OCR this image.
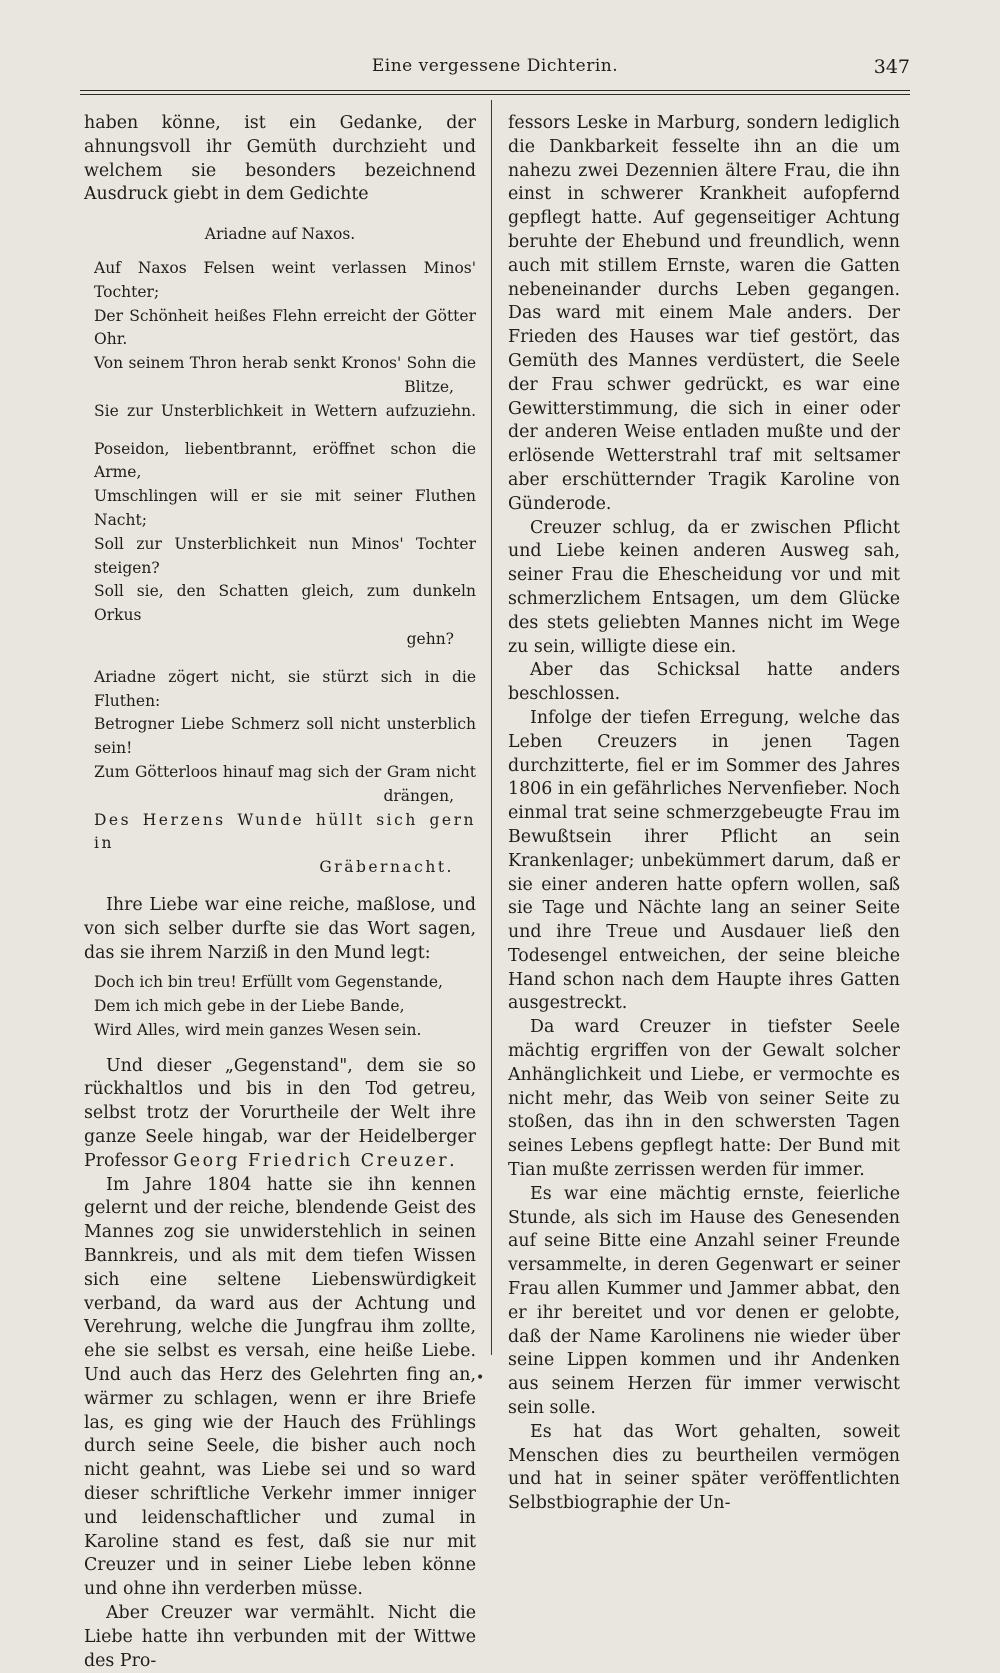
Eine vergessene Dichterin.	347

haben könne, ist ein Gedanke, der ahnungsvoll ihr Gemüth durchzieht und welchem sie besonders bezeichnend Ausdruck giebt in dem Gedichte

Ariadne auf Naxos.
Auf Naxos Felsen weint verlassen Minos' Tochter;
Der Schönheit heißes Flehn erreicht der Götter Ohr.
Von seinem Thron herab senkt Kronos' Sohn die
Blitze,
Sie zur Unsterblichkeit in Wettern aufzuziehn.
Poseidon, liebentbrannt, eröffnet schon die Arme,
Umschlingen will er sie mit seiner Fluthen Nacht;
Soll zur Unsterblichkeit nun Minos' Tochter steigen?
Soll sie, den Schatten gleich, zum dunkeln Orkus
gehn?
Ariadne zögert nicht, sie stürzt sich in die Fluthen:
Betrogner Liebe Schmerz soll nicht unsterblich sein!
Zum Götterloos hinauf mag sich der Gram nicht
drängen,
Des Herzens Wunde hüllt sich gern in
Gräbernacht.

Ihre Liebe war eine reiche, maßlose, und von sich selber durfte sie das Wort sagen, das sie ihrem Narziß in den Mund legt:

Doch ich bin treu! Erfüllt vom Gegenstande,
Dem ich mich gebe in der Liebe Bande,
Wird Alles, wird mein ganzes Wesen sein.

Und dieser „Gegenstand", dem sie so rückhaltlos und bis in den Tod getreu, selbst trotz der Vorurtheile der Welt ihre ganze Seele hingab, war der Heidelberger Professor Georg Friedrich Creuzer.

Im Jahre 1804 hatte sie ihn kennen gelernt und der reiche, blendende Geist des Mannes zog sie unwiderstehlich in seinen Bannkreis, und als mit dem tiefen Wissen sich eine seltene Liebenswürdigkeit verband, da ward aus der Achtung und Verehrung, welche die Jungfrau ihm zollte, ehe sie selbst es versah, eine heiße Liebe. Und auch das Herz des Gelehrten fing an, wärmer zu schlagen, wenn er ihre Briefe las, es ging wie der Hauch des Frühlings durch seine Seele, die bisher auch noch nicht geahnt, was Liebe sei und so ward dieser schriftliche Verkehr immer inniger und leidenschaftlicher und zumal in Karoline stand es fest, daß sie nur mit Creuzer und in seiner Liebe leben könne und ohne ihn verderben müsse.

Aber Creuzer war vermählt. Nicht die Liebe hatte ihn verbunden mit der Wittwe des Pro-

fessors Leske in Marburg, sondern lediglich die Dankbarkeit fesselte ihn an die um nahezu zwei Dezennien ältere Frau, die ihn einst in schwerer Krankheit aufopfernd gepflegt hatte. Auf gegenseitiger Achtung beruhte der Ehebund und freundlich, wenn auch mit stillem Ernste, waren die Gatten nebeneinander durchs Leben gegangen. Das ward mit einem Male anders. Der Frieden des Hauses war tief gestört, das Gemüth des Mannes verdüstert, die Seele der Frau schwer gedrückt, es war eine Gewitterstimmung, die sich in einer oder der anderen Weise entladen mußte und der erlösende Wetterstrahl traf mit seltsamer aber erschütternder Tragik Karoline von Günderode.

Creuzer schlug, da er zwischen Pflicht und Liebe keinen anderen Ausweg sah, seiner Frau die Ehescheidung vor und mit schmerzlichem Entsagen, um dem Glücke des stets geliebten Mannes nicht im Wege zu sein, willigte diese ein.

Aber das Schicksal hatte anders beschlossen.

Infolge der tiefen Erregung, welche das Leben Creuzers in jenen Tagen durchzitterte, fiel er im Sommer des Jahres 1806 in ein gefährliches Nervenfieber. Noch einmal trat seine schmerzgebeugte Frau im Bewußtsein ihrer Pflicht an sein Krankenlager; unbekümmert darum, daß er sie einer anderen hatte opfern wollen, saß sie Tage und Nächte lang an seiner Seite und ihre Treue und Ausdauer ließ den Todesengel entweichen, der seine bleiche Hand schon nach dem Haupte ihres Gatten ausgestreckt.

Da ward Creuzer in tiefster Seele mächtig ergriffen von der Gewalt solcher Anhänglichkeit und Liebe, er vermochte es nicht mehr, das Weib von seiner Seite zu stoßen, das ihn in den schwersten Tagen seines Lebens gepflegt hatte: Der Bund mit Tian mußte zerrissen werden für immer.

Es war eine mächtig ernste, feierliche Stunde, als sich im Hause des Genesenden auf seine Bitte eine Anzahl seiner Freunde versammelte, in deren Gegenwart er seiner Frau allen Kummer und Jammer abbat, den er ihr bereitet und vor denen er gelobte, daß der Name Karolinens nie wieder über seine Lippen kommen und ihr Andenken aus seinem Herzen für immer verwischt sein solle.

Es hat das Wort gehalten, soweit Menschen dies zu beurtheilen vermögen und hat in seiner später veröffentlichten Selbstbiographie der Un-

•
